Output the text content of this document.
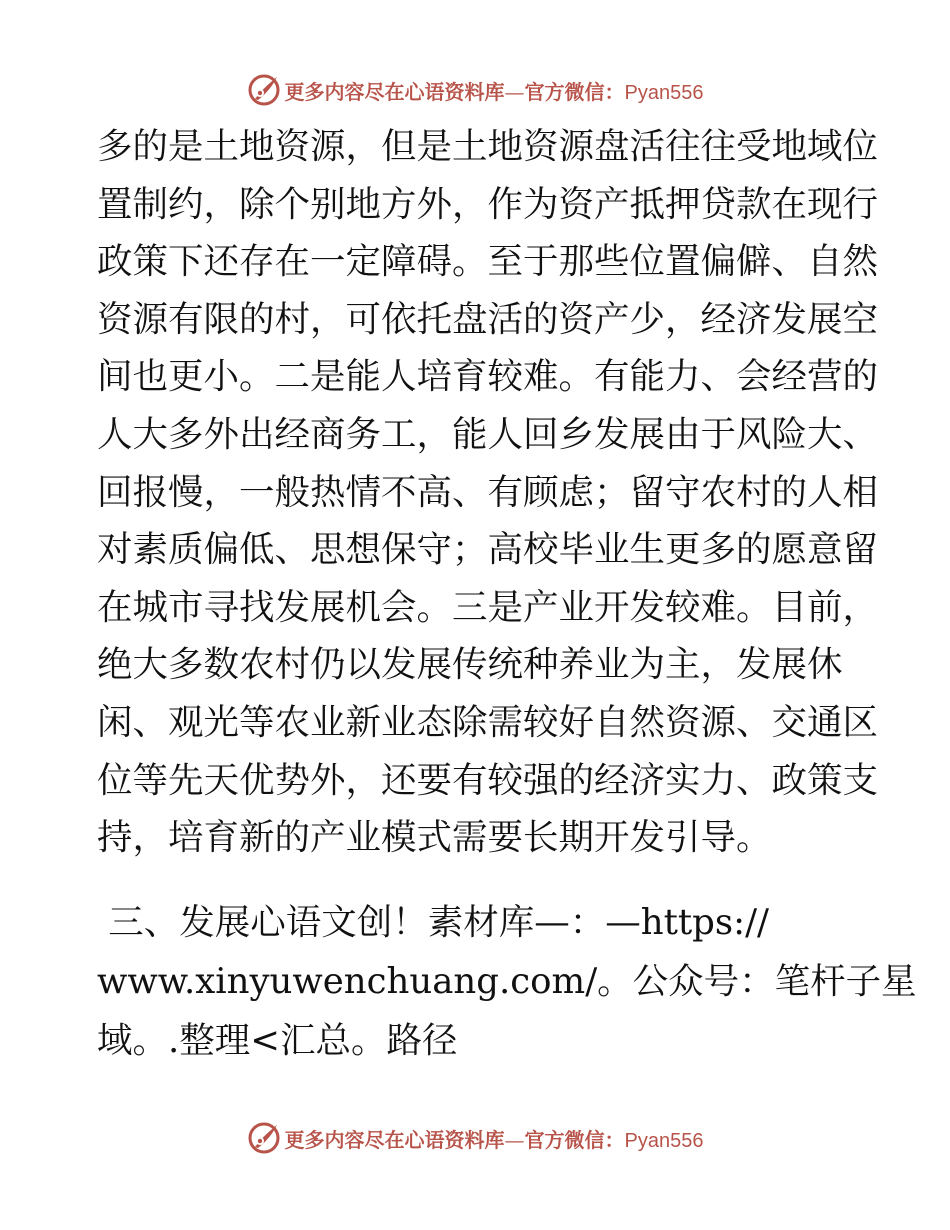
更多内容尽在心语资料库—官方微信：Pyan556
多的是土地资源，但是土地资源盘活往往受地域位
置制约，除个别地方外，作为资产抵押贷款在现行
政策下还存在一定障碍。至于那些位置偏僻、自然
资源有限的村，可依托盘活的资产少，经济发展空
间也更小。二是能人培育较难。有能力、会经营的
人大多外出经商务工，能人回乡发展由于风险大、
回报慢，一般热情不高、有顾虑；留守农村的人相
对素质偏低、思想保守；高校毕业生更多的愿意留
在城市寻找发展机会。三是产业开发较难。目前，
绝大多数农村仍以发展传统种养业为主，发展休
闲、观光等农业新业态除需较好自然资源、交通区
位等先天优势外，还要有较强的经济实力、政策支
持，培育新的产业模式需要长期开发引导。
三、发展心语文创！素材库—：—https://
www.xinyuwenchuang.com/。公众号：笔杆子星
域。.整理<汇总。路径
更多内容尽在心语资料库—官方微信：Pyan556
